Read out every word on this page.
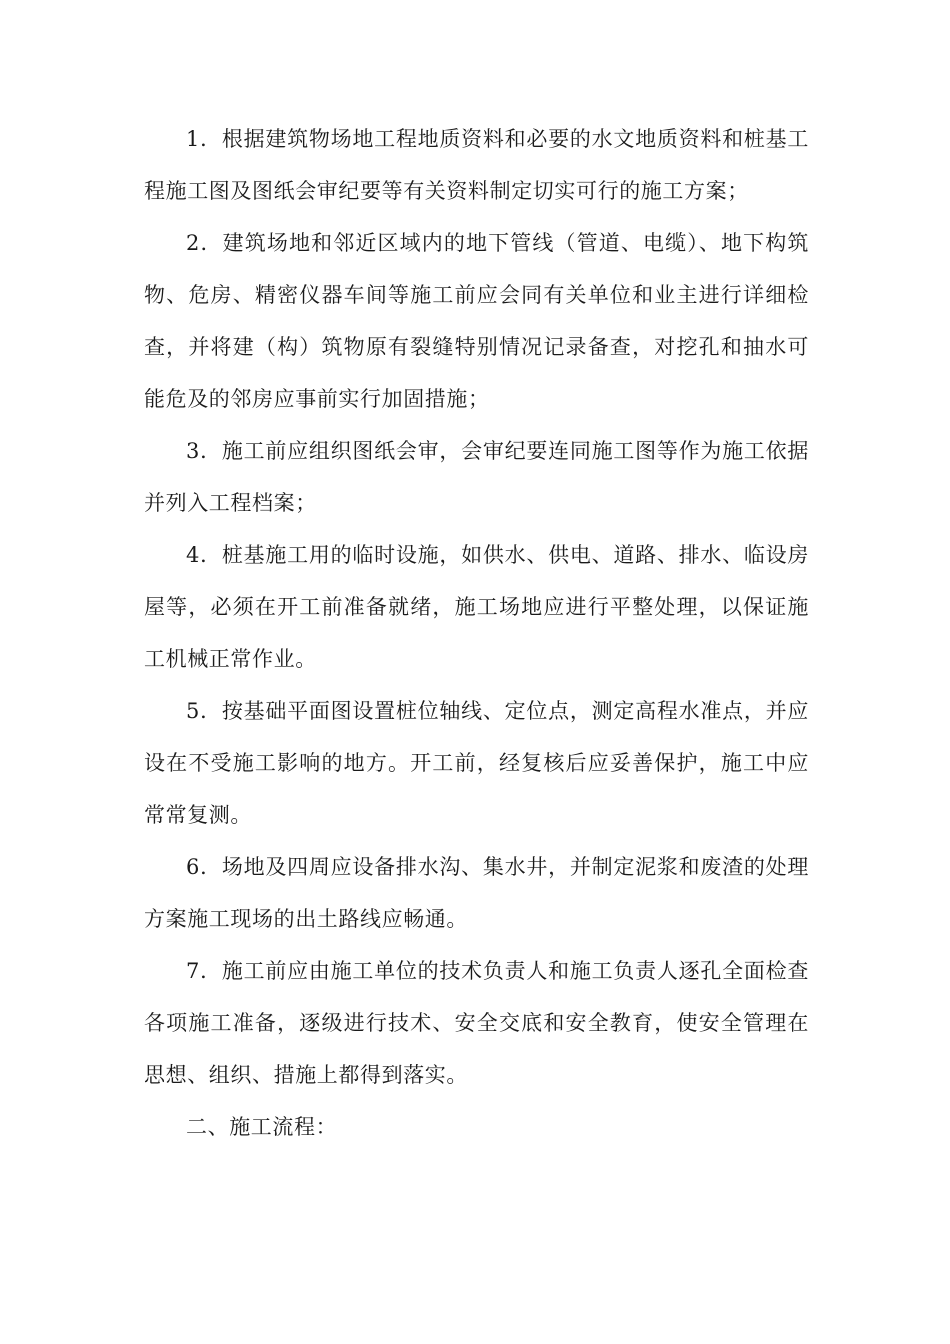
1．根据建筑物场地工程地质资料和必要的水文地质资料和桩基工程施工图及图纸会审纪要等有关资料制定切实可行的施工方案；

2．建筑场地和邻近区域内的地下管线（管道、电缆）、地下构筑物、危房、精密仪器车间等施工前应会同有关单位和业主进行详细检查，并将建（构）筑物原有裂缝特别情况记录备查，对挖孔和抽水可能危及的邻房应事前实行加固措施；

3．施工前应组织图纸会审，会审纪要连同施工图等作为施工依据并列入工程档案；

4．桩基施工用的临时设施，如供水、供电、道路、排水、临设房屋等，必须在开工前准备就绪，施工场地应进行平整处理，以保证施工机械正常作业。

5．按基础平面图设置桩位轴线、定位点，测定高程水准点，并应设在不受施工影响的地方。开工前，经复核后应妥善保护，施工中应常常复测。

6．场地及四周应设备排水沟、集水井，并制定泥浆和废渣的处理方案施工现场的出土路线应畅通。

7．施工前应由施工单位的技术负责人和施工负责人逐孔全面检查各项施工准备，逐级进行技术、安全交底和安全教育，使安全管理在思想、组织、措施上都得到落实。

二、施工流程：
